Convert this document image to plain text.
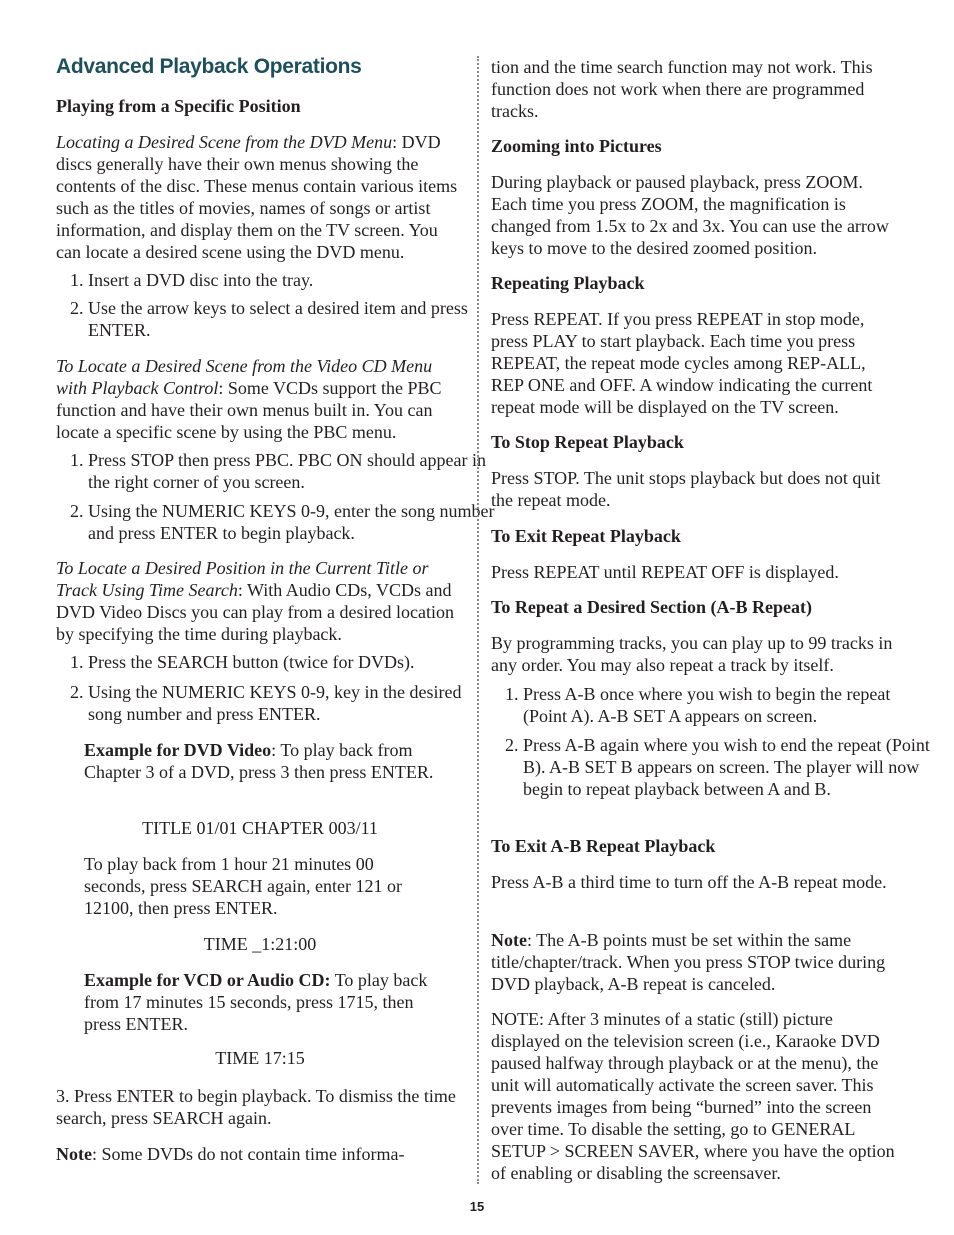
Advanced Playback Operations

Playing from a Specific Position

Locating a Desired Scene from the DVD Menu: DVD discs generally have their own menus showing the contents of the disc. These menus contain various items such as the titles of movies, names of songs or artist information, and display them on the TV screen. You can locate a desired scene using the DVD menu.

1. Insert a DVD disc into the tray.

2. Use the arrow keys to select a desired item and press ENTER.

To Locate a Desired Scene from the Video CD Menu with Playback Control: Some VCDs support the PBC function and have their own menus built in. You can locate a specific scene by using the PBC menu.

1. Press STOP then press PBC. PBC ON should appear in the right corner of you screen.

2. Using the NUMERIC KEYS 0-9, enter the song number and press ENTER to begin playback.

To Locate a Desired Position in the Current Title or Track Using Time Search: With Audio CDs, VCDs and DVD Video Discs you can play from a desired location by specifying the time during playback.

1. Press the SEARCH button (twice for DVDs).

2. Using the NUMERIC KEYS 0-9, key in the desired song number and press ENTER.

Example for DVD Video: To play back from Chapter 3 of a DVD, press 3 then press ENTER.

TITLE 01/01 CHAPTER 003/11

To play back from 1 hour 21 minutes 00 seconds, press SEARCH again, enter 121 or 12100, then press ENTER.

TIME _1:21:00

Example for VCD or Audio CD: To play back from 17 minutes 15 seconds, press 1715, then press ENTER.

TIME 17:15

3. Press ENTER to begin playback. To dismiss the time search, press SEARCH again.

Note: Some DVDs do not contain time informa-

tion and the time search function may not work. This function does not work when there are programmed tracks.

Zooming into Pictures

During playback or paused playback, press ZOOM. Each time you press ZOOM, the magnification is changed from 1.5x to 2x and 3x. You can use the arrow keys to move to the desired zoomed position.

Repeating Playback

Press REPEAT. If you press REPEAT in stop mode, press PLAY to start playback. Each time you press REPEAT, the repeat mode cycles among REP-ALL, REP ONE and OFF. A window indicating the current repeat mode will be displayed on the TV screen.

To Stop Repeat Playback

Press STOP. The unit stops playback but does not quit the repeat mode.

To Exit Repeat Playback

Press REPEAT until REPEAT OFF is displayed.

To Repeat a Desired Section (A-B Repeat)

By programming tracks, you can play up to 99 tracks in any order. You may also repeat a track by itself.

1. Press A-B once where you wish to begin the repeat (Point A). A-B SET A appears on screen.

2. Press A-B again where you wish to end the repeat (Point B). A-B SET B appears on screen. The player will now begin to repeat playback between A and B.

To Exit A-B Repeat Playback

Press A-B a third time to turn off the A-B repeat mode.

Note: The A-B points must be set within the same title/chapter/track. When you press STOP twice during DVD playback, A-B repeat is canceled.

NOTE: After 3 minutes of a static (still) picture displayed on the television screen (i.e., Karaoke DVD paused halfway through playback or at the menu), the unit will automatically activate the screen saver. This prevents images from being “burned” into the screen over time. To disable the setting, go to GENERAL SETUP > SCREEN SAVER, where you have the option of enabling or disabling the screensaver.

15
